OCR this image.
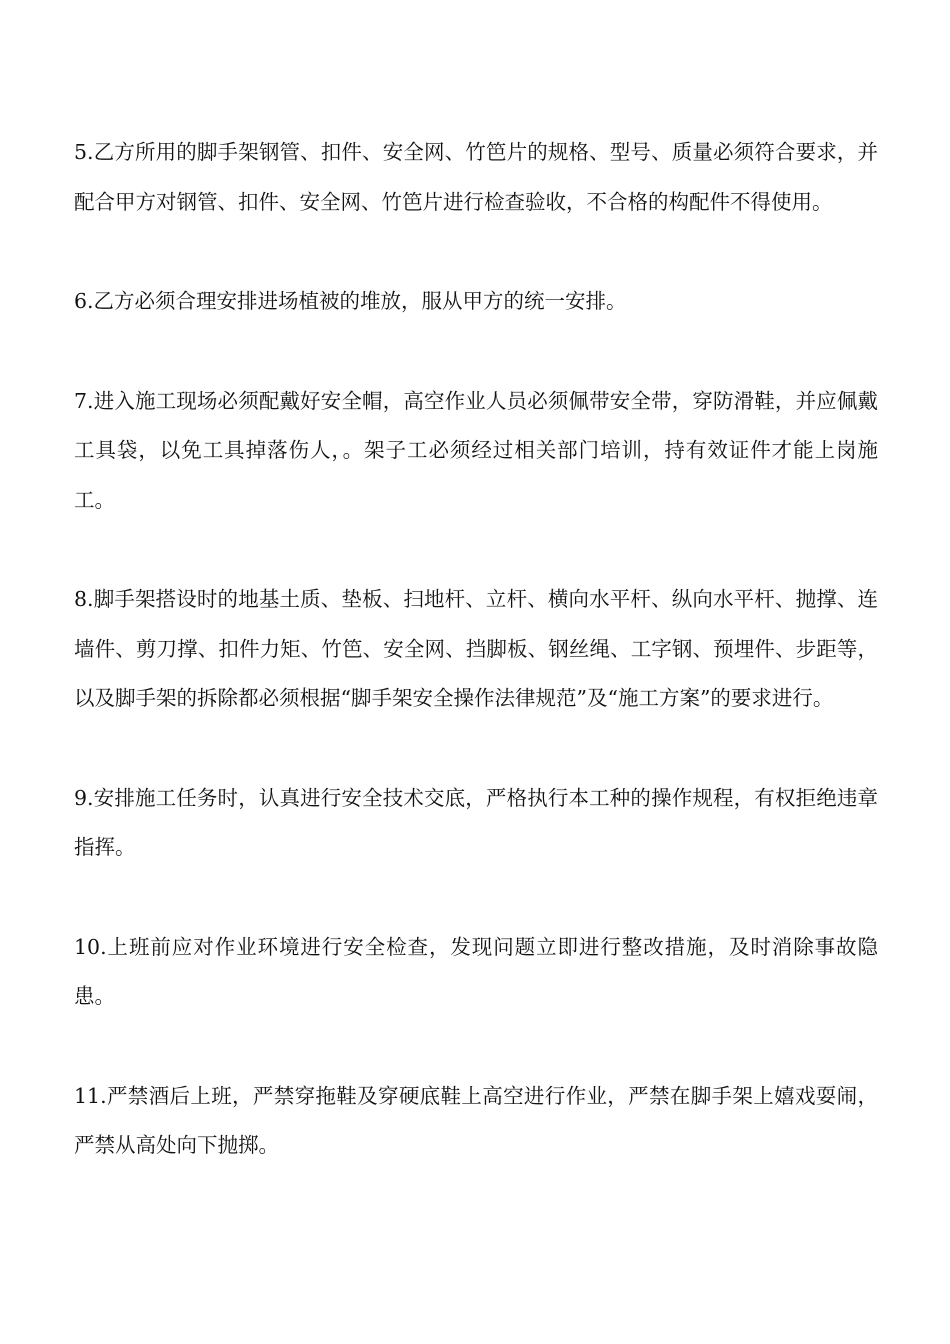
5.乙方所用的脚手架钢管、扣件、安全网、竹笆片的规格、型号、质量必须符合要求，并配合甲方对钢管、扣件、安全网、竹笆片进行检查验收，不合格的构配件不得使用。

6.乙方必须合理安排进场植被的堆放，服从甲方的统一安排。

7.进入施工现场必须配戴好安全帽，高空作业人员必须佩带安全带，穿防滑鞋，并应佩戴工具袋，以免工具掉落伤人，。架子工必须经过相关部门培训，持有效证件才能上岗施工。

8.脚手架搭设时的地基土质、垫板、扫地杆、立杆、横向水平杆、纵向水平杆、抛撑、连墙件、剪刀撑、扣件力矩、竹笆、安全网、挡脚板、钢丝绳、工字钢、预埋件、步距等，以及脚手架的拆除都必须根据“脚手架安全操作法律规范”及“施工方案”的要求进行。

9.安排施工任务时，认真进行安全技术交底，严格执行本工种的操作规程，有权拒绝违章指挥。

10.上班前应对作业环境进行安全检查，发现问题立即进行整改措施，及时消除事故隐患。

11.严禁酒后上班，严禁穿拖鞋及穿硬底鞋上高空进行作业，严禁在脚手架上嬉戏耍闹，严禁从高处向下抛掷。
